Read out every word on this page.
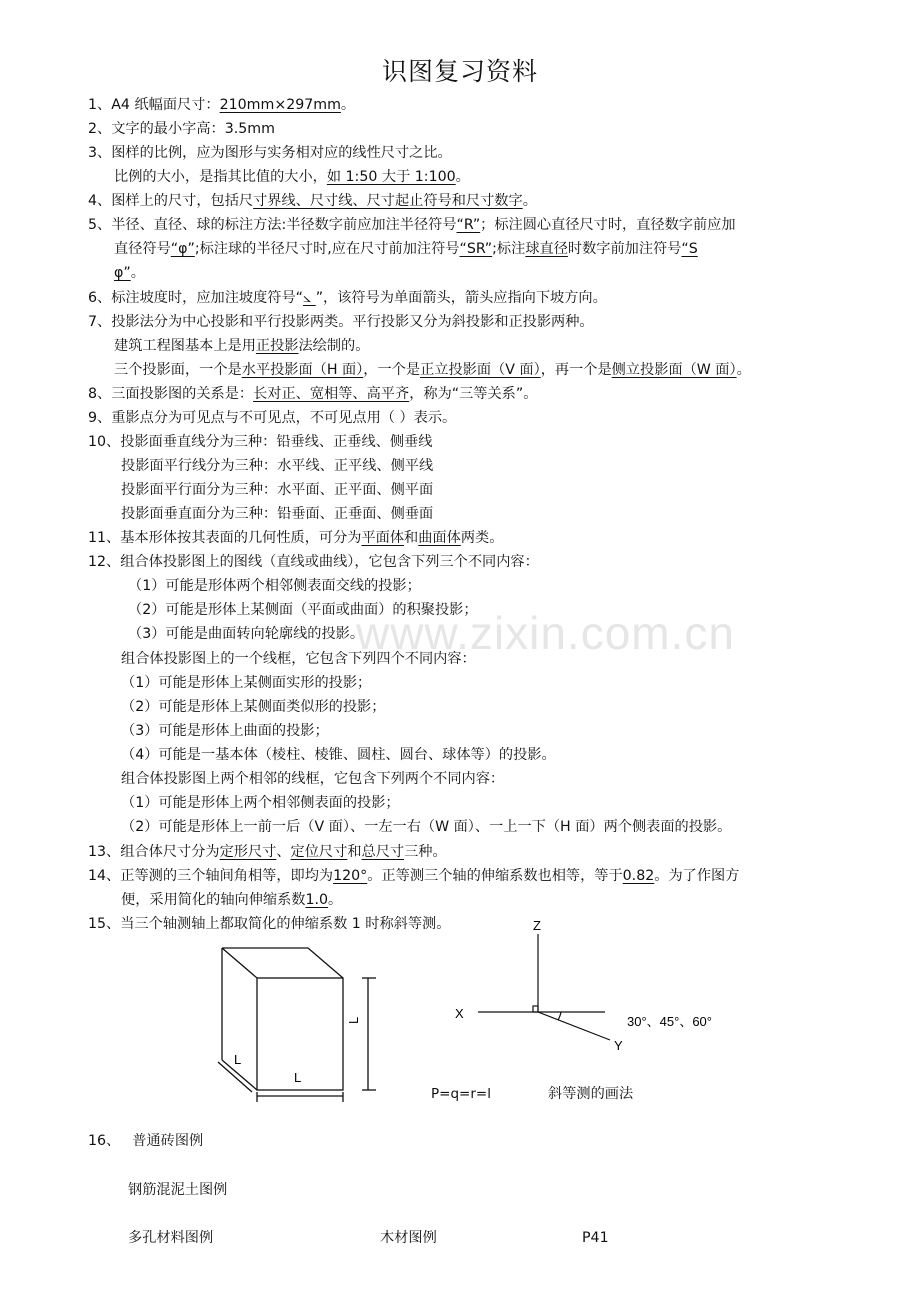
识图复习资料
www.zixin.com.cn
1、A4 纸幅面尺寸：210mm×297mm。
2、文字的最小字高：3.5mm
3、图样的比例，应为图形与实务相对应的线性尺寸之比。
比例的大小，是指其比值的大小，如 1:50 大于 1:100。
4、图样上的尺寸，包括尺寸界线、尺寸线、尺寸起止符号和尺寸数字。
5、半径、直径、球的标注方法:半径数字前应加注半径符号“R”；标注圆心直径尺寸时，直径数字前应加
直径符号“φ”;标注球的半径尺寸时,应在尺寸前加注符号“SR”;标注球直径时数字前加注符号“S
φ”。
6、标注坡度时，应加注坡度符号“⦣ ”，该符号为单面箭头，箭头应指向下坡方向。
7、投影法分为中心投影和平行投影两类。平行投影又分为斜投影和正投影两种。
建筑工程图基本上是用正投影法绘制的。
三个投影面，一个是水平投影面（H 面），一个是正立投影面（V 面），再一个是侧立投影面（W 面）。
8、三面投影图的关系是：长对正、宽相等、高平齐，称为“三等关系”。
9、重影点分为可见点与不可见点，不可见点用（ ）表示。
10、投影面垂直线分为三种：铅垂线、正垂线、侧垂线
投影面平行线分为三种：水平线、正平线、侧平线
投影面平行面分为三种：水平面、正平面、侧平面
投影面垂直面分为三种：铅垂面、正垂面、侧垂面
11、基本形体按其表面的几何性质，可分为平面体和曲面体两类。
12、组合体投影图上的图线（直线或曲线），它包含下列三个不同内容：
（1）可能是形体两个相邻侧表面交线的投影；
（2）可能是形体上某侧面（平面或曲面）的积聚投影；
（3）可能是曲面转向轮廓线的投影。
组合体投影图上的一个线框，它包含下列四个不同内容：
（1）可能是形体上某侧面实形的投影；
（2）可能是形体上某侧面类似形的投影；
（3）可能是形体上曲面的投影；
（4）可能是一基本体（棱柱、棱锥、圆柱、圆台、球体等）的投影。
组合体投影图上两个相邻的线框，它包含下列两个不同内容：
（1）可能是形体上两个相邻侧表面的投影；
（2）可能是形体上一前一后（V 面）、一左一右（W 面）、一上一下（H 面）两个侧表面的投影。
13、组合体尺寸分为定形尺寸、定位尺寸和总尺寸三种。
14、正等测的三个轴间角相等，即均为120°。正等测三个轴的伸缩系数也相等，等于0.82。为了作图方
便，采用简化的轴向伸缩系数1.0。
15、当三个轴测轴上都取简化的伸缩系数 1 时称斜等测。
L
L
L
Z
X
Y
30°、45°、60°
P=q=r=l	斜等测的画法
16、 普通砖图例
钢筋混泥土图例
多孔材料图例	木材图例	P41
